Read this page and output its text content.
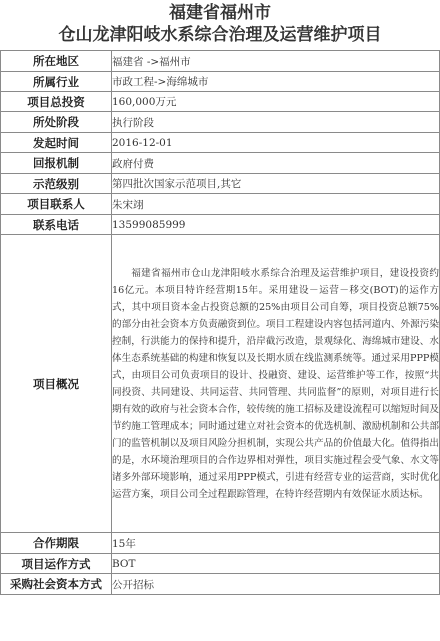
福建省福州市
仓山龙津阳岐水系综合治理及运营维护项目
所在地区	福建省 ->福州市
所属行业	市政工程->海绵城市
项目总投资	160,000万元
所处阶段	执行阶段
发起时间	2016-12-01
回报机制	政府付费
示范级别	第四批次国家示范项目,其它
项目联系人	朱宋翊
联系电话	13599085999
项目概况	福建省福州市仓山龙津阳岐水系综合治理及运营维护项目，建设投资约16亿元。本项目特许经营期15年。采用建设－运营－移交(BOT)的运作方式，其中项目资本金占投资总额的25%由项目公司自筹，项目投资总额75%的部分由社会资本方负责融资到位。项目工程建设内容包括河道内、外源污染控制，行洪能力的保持和提升，沿岸截污改造，景观绿化、海绵城市建设、水体生态系统基础的构建和恢复以及长期水质在线监测系统等。通过采用PPP模式，由项目公司负责项目的设计、投融资、建设、运营维护等工作，按照“共同投资、共同建设、共同运营、共同管理、共同监督”的原则，对项目进行长期有效的政府与社会资本合作，较传统的施工招标及建设流程可以缩短时间及节约施工管理成本；同时通过建立对社会资本的优选机制、激励机制和公共部门的监管机制以及项目风险分担机制，实现公共产品的价值最大化。值得指出的是，水环境治理项目的合作边界相对弹性，项目实施过程会受气象、水文等诸多外部环境影响，通过采用PPP模式，引进有经营专业的运营商，实时优化运营方案，项目公司全过程跟踪管理，在特许经营期内有效保证水质达标。

合作期限	15年
项目运作方式	BOT
采购社会资本方式	公开招标
